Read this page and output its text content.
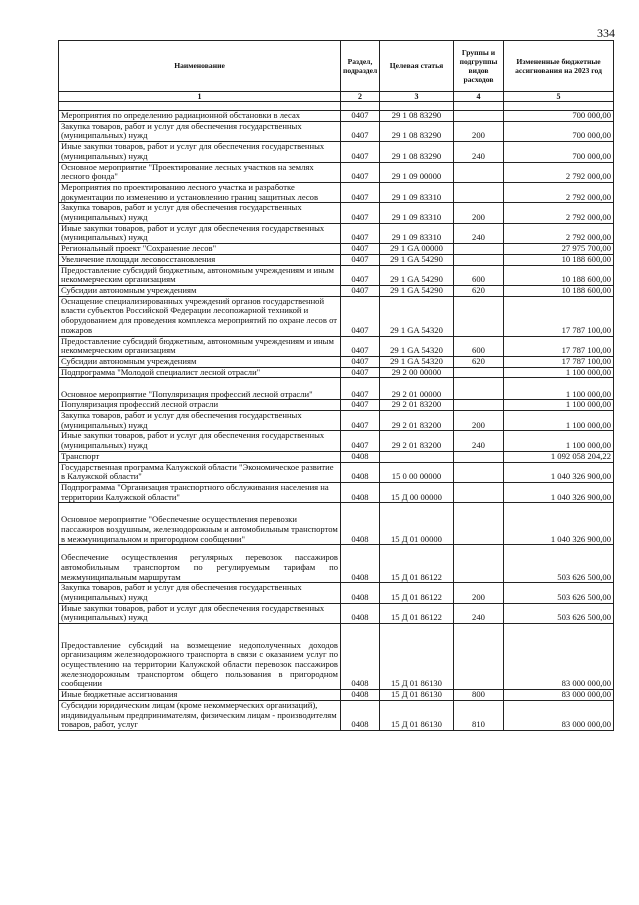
334
Наименование	Раздел, подраздел	Целевая статья	Группы и подгруппы видов расходов	Измененные бюджетные ассигнования на 2023 год
1	2	3	4	5

Мероприятия по определению радиационной обстановки в лесах	0407	29 1 08 83290		700 000,00
Закупка товаров, работ и услуг для обеспечения государственных (муниципальных) нужд	0407	29 1 08 83290	200	700 000,00
Иные закупки товаров, работ и услуг для обеспечения государственных (муниципальных) нужд	0407	29 1 08 83290	240	700 000,00
Основное мероприятие "Проектирование лесных участков на землях лесного фонда"	0407	29 1 09 00000		2 792 000,00
Мероприятия по проектированию лесного участка и разработке документации по изменению и установлению границ защитных лесов	0407	29 1 09 83310		2 792 000,00
Закупка товаров, работ и услуг для обеспечения государственных (муниципальных) нужд	0407	29 1 09 83310	200	2 792 000,00
Иные закупки товаров, работ и услуг для обеспечения государственных (муниципальных) нужд	0407	29 1 09 83310	240	2 792 000,00
Региональный проект "Сохранение лесов"	0407	29 1 GA 00000		27 975 700,00
Увеличение площади лесовосстановления	0407	29 1 GA 54290		10 188 600,00
Предоставление субсидий бюджетным, автономным учреждениям и иным некоммерческим организациям	0407	29 1 GA 54290	600	10 188 600,00
Субсидии автономным учреждениям	0407	29 1 GA 54290	620	10 188 600,00
Оснащение специализированных учреждений органов государственной власти субъектов Российской Федерации лесопожарной техникой и оборудованием для проведения комплекса мероприятий по охране лесов от пожаров	0407	29 1 GA 54320		17 787 100,00
Предоставление субсидий бюджетным, автономным учреждениям и иным некоммерческим организациям	0407	29 1 GA 54320	600	17 787 100,00
Субсидии автономным учреждениям	0407	29 1 GA 54320	620	17 787 100,00
Подпрограмма "Молодой специалист лесной отрасли"	0407	29 2 00 00000		1 100 000,00
Основное мероприятие "Популяризация профессий лесной отрасли"	0407	29 2 01 00000		1 100 000,00
Популяризация профессий лесной отрасли	0407	29 2 01 83200		1 100 000,00
Закупка товаров, работ и услуг для обеспечения государственных (муниципальных) нужд	0407	29 2 01 83200	200	1 100 000,00
Иные закупки товаров, работ и услуг для обеспечения государственных (муниципальных) нужд	0407	29 2 01 83200	240	1 100 000,00
Транспорт	0408			1 092 058 204,22
Государственная программа Калужской области "Экономическое развитие в Калужской области"	0408	15 0 00 00000		1 040 326 900,00
Подпрограмма "Организация транспортного обслуживания населения на территории Калужской области"	0408	15 Д 00 00000		1 040 326 900,00
Основное мероприятие "Обеспечение осуществления перевозки пассажиров воздушным, железнодорожным и автомобильным транспортом в межмуниципальном и пригородном сообщении"	0408	15 Д 01 00000		1 040 326 900,00
Обеспечение осуществления регулярных перевозок пассажиров автомобильным транспортом по регулируемым тарифам по межмуниципальным маршрутам	0408	15 Д 01 86122		503 626 500,00
Закупка товаров, работ и услуг для обеспечения государственных (муниципальных) нужд	0408	15 Д 01 86122	200	503 626 500,00
Иные закупки товаров, работ и услуг для обеспечения государственных (муниципальных) нужд	0408	15 Д 01 86122	240	503 626 500,00
Предоставление субсидий на возмещение недополученных доходов организациям железнодорожного транспорта в связи с оказанием услуг по осуществлению на территории Калужской области перевозок пассажиров железнодорожным транспортом общего пользования в пригородном сообщении	0408	15 Д 01 86130		83 000 000,00
Иные бюджетные ассигнования	0408	15 Д 01 86130	800	83 000 000,00
Субсидии юридическим лицам (кроме некоммерческих организаций), индивидуальным предпринимателям, физическим лицам - производителям товаров, работ, услуг	0408	15 Д 01 86130	810	83 000 000,00
